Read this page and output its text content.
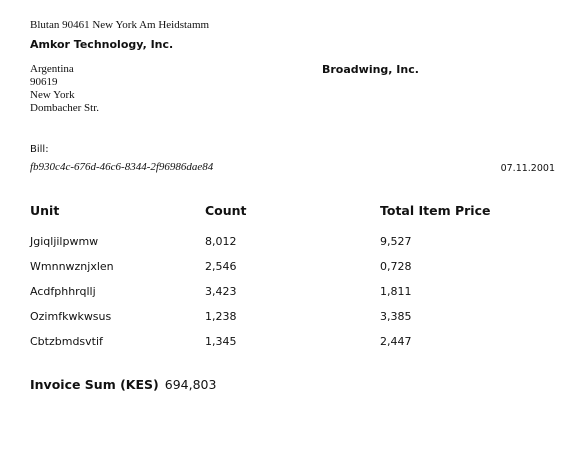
Blutan 90461 New York Am Heidstamm
Amkor Technology, Inc.
Argentina
90619
New York
Dombacher Str.
Broadwing, Inc.
Bill:
fb930c4c-676d-46c6-8344-2f96986dae84	07.11.2001
Unit	Count	Total Item Price
Jgiqljilpwmw	8,012	9,527
Wmnnwznjxlen	2,546	0,728
Acdfphhrqllj	3,423	1,811
Ozimfkwkwsus	1,238	3,385
Cbtzbmdsvtif	1,345	2,447
Invoice Sum (KES) 694,803
